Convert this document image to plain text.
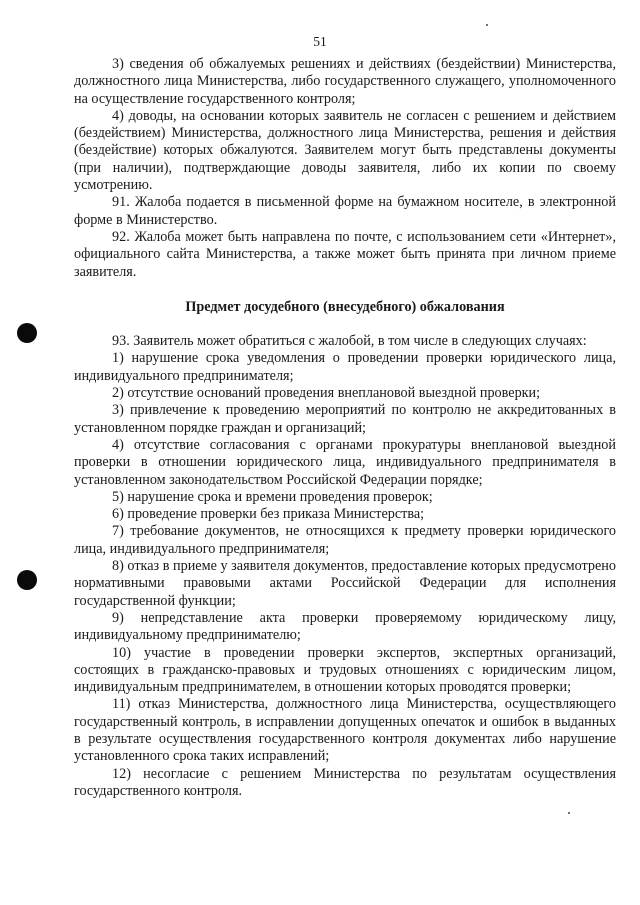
51

3) сведения об обжалуемых решениях и действиях (бездействии) Министерства, должностного лица Министерства, либо государственного служащего, уполномоченного на осуществление государственного контроля;

4) доводы, на основании которых заявитель не согласен с решением и действием (бездействием) Министерства, должностного лица Министерства, решения и действия (бездействие) которых обжалуются. Заявителем могут быть представлены документы (при наличии), подтверждающие доводы заявителя, либо их копии по своему усмотрению.

91. Жалоба подается в письменной форме на бумажном носителе, в электронной форме в Министерство.

92. Жалоба может быть направлена по почте, с использованием сети «Интернет», официального сайта Министерства, а также может быть принята при личном приеме заявителя.

Предмет досудебного (внесудебного) обжалования

93. Заявитель может обратиться с жалобой, в том числе в следующих случаях:

1) нарушение срока уведомления о проведении проверки юридического лица, индивидуального предпринимателя;

2) отсутствие оснований проведения внеплановой выездной проверки;

3) привлечение к проведению мероприятий по контролю не аккредитованных в установленном порядке граждан и организаций;

4) отсутствие согласования с органами прокуратуры внеплановой выездной проверки в отношении юридического лица, индивидуального предпринимателя в установленном законодательством Российской Федерации порядке;

5) нарушение срока и времени проведения проверок;

6) проведение проверки без приказа Министерства;

7) требование документов, не относящихся к предмету проверки юридического лица, индивидуального предпринимателя;

8) отказ в приеме у заявителя документов, предоставление которых предусмотрено нормативными правовыми актами Российской Федерации для исполнения государственной функции;

9) непредставление акта проверки проверяемому юридическому лицу, индивидуальному предпринимателю;

10) участие в проведении проверки экспертов, экспертных организаций, состоящих в гражданско-правовых и трудовых отношениях с юридическим лицом, индивидуальным предпринимателем, в отношении которых проводятся проверки;

11) отказ Министерства, должностного лица Министерства, осуществляющего государственный контроль, в исправлении допущенных опечаток и ошибок в выданных в результате осуществления государственного контроля документах либо нарушение установленного срока таких исправлений;

12) несогласие с решением Министерства по результатам осуществления государственного контроля.
